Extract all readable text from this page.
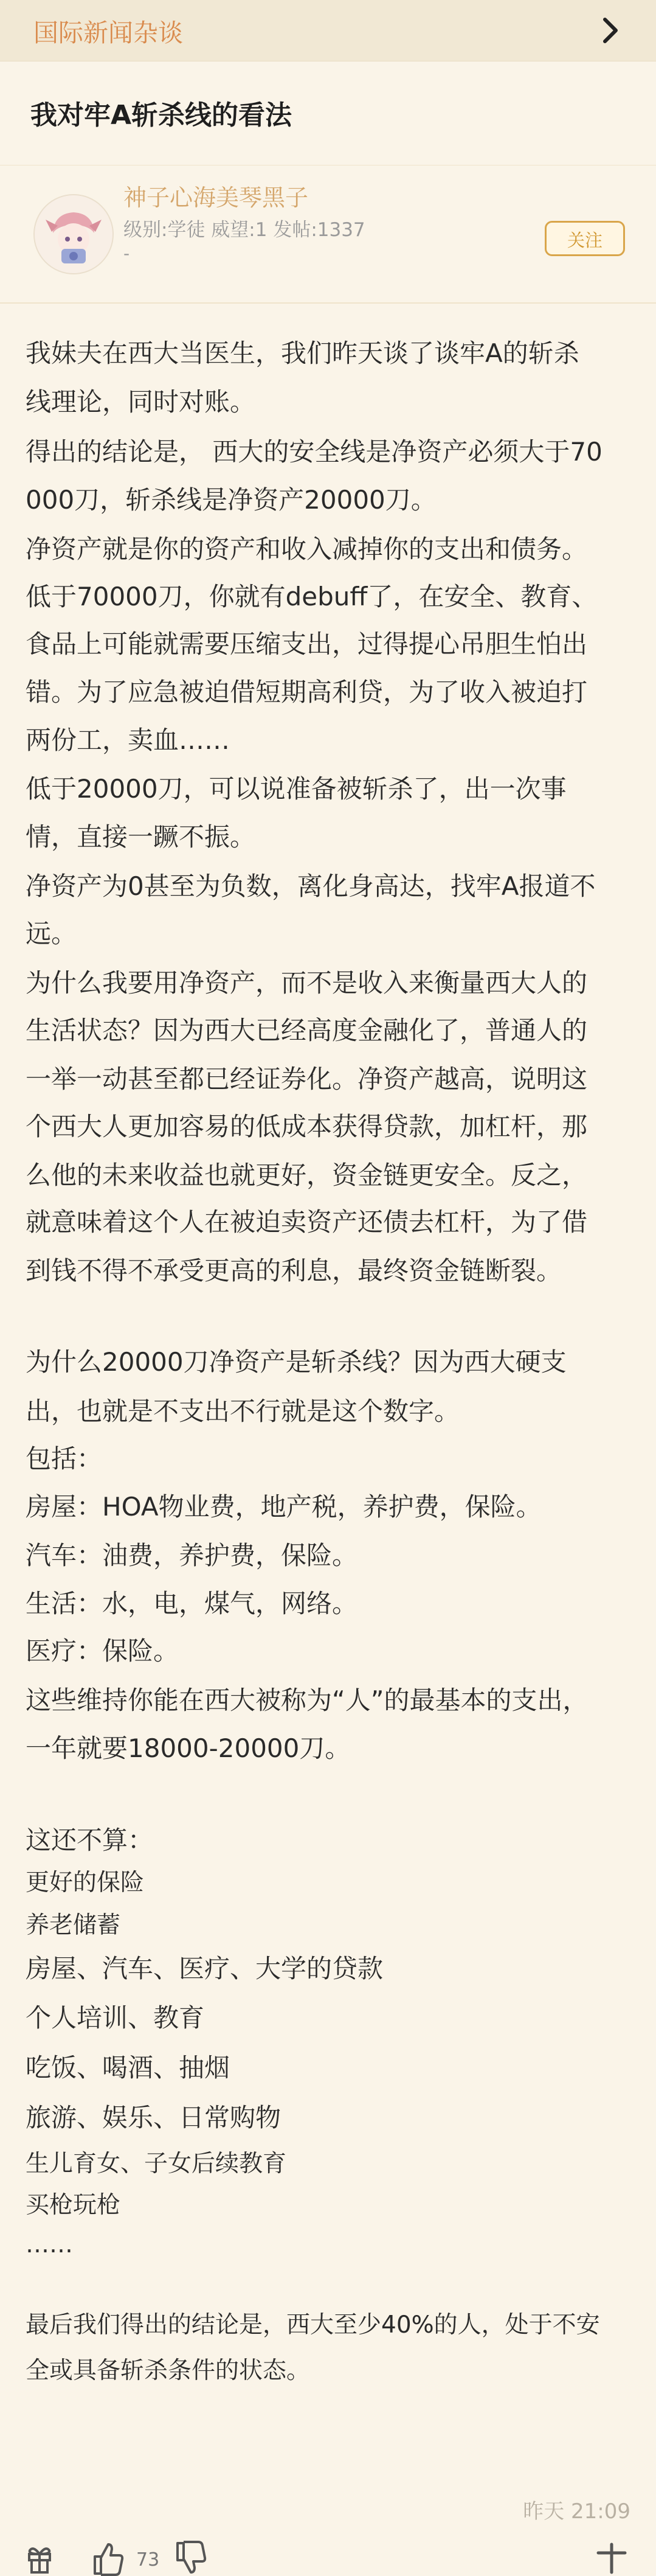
国际新闻杂谈
我对牢A斩杀线的看法
神子心海美琴黑子
级别:学徒 威望:1 发帖:1337
-
关注
我妹夫在西大当医生，我们昨天谈了谈牢A的斩杀
线理论，同时对账。
得出的结论是， 西大的安全线是净资产必须大于70
000刀，斩杀线是净资产20000刀。
净资产就是你的资产和收入减掉你的支出和债务。
低于70000刀，你就有debuff了，在安全、教育、
食品上可能就需要压缩支出，过得提心吊胆生怕出
错。为了应急被迫借短期高利贷，为了收入被迫打
两份工，卖血……
低于20000刀，可以说准备被斩杀了，出一次事
情，直接一蹶不振。
净资产为0甚至为负数，离化身高达，找牢A报道不
远。
为什么我要用净资产，而不是收入来衡量西大人的
生活状态？因为西大已经高度金融化了，普通人的
一举一动甚至都已经证券化。净资产越高，说明这
个西大人更加容易的低成本获得贷款，加杠杆，那
么他的未来收益也就更好，资金链更安全。反之，
就意味着这个人在被迫卖资产还债去杠杆，为了借
到钱不得不承受更高的利息，最终资金链断裂。
为什么20000刀净资产是斩杀线？因为西大硬支
出，也就是不支出不行就是这个数字。
包括：
房屋：HOA物业费，地产税，养护费，保险。
汽车：油费，养护费，保险。
生活：水，电，煤气，网络。
医疗：保险。
这些维持你能在西大被称为“人”的最基本的支出，
一年就要18000-20000刀。
这还不算：
更好的保险
养老储蓄
房屋、汽车、医疗、大学的贷款
个人培训、教育
吃饭、喝酒、抽烟
旅游、娱乐、日常购物
生儿育女、子女后续教育
买枪玩枪
……
最后我们得出的结论是，西大至少40%的人，处于不安
全或具备斩杀条件的状态。
昨天 21:09
73
